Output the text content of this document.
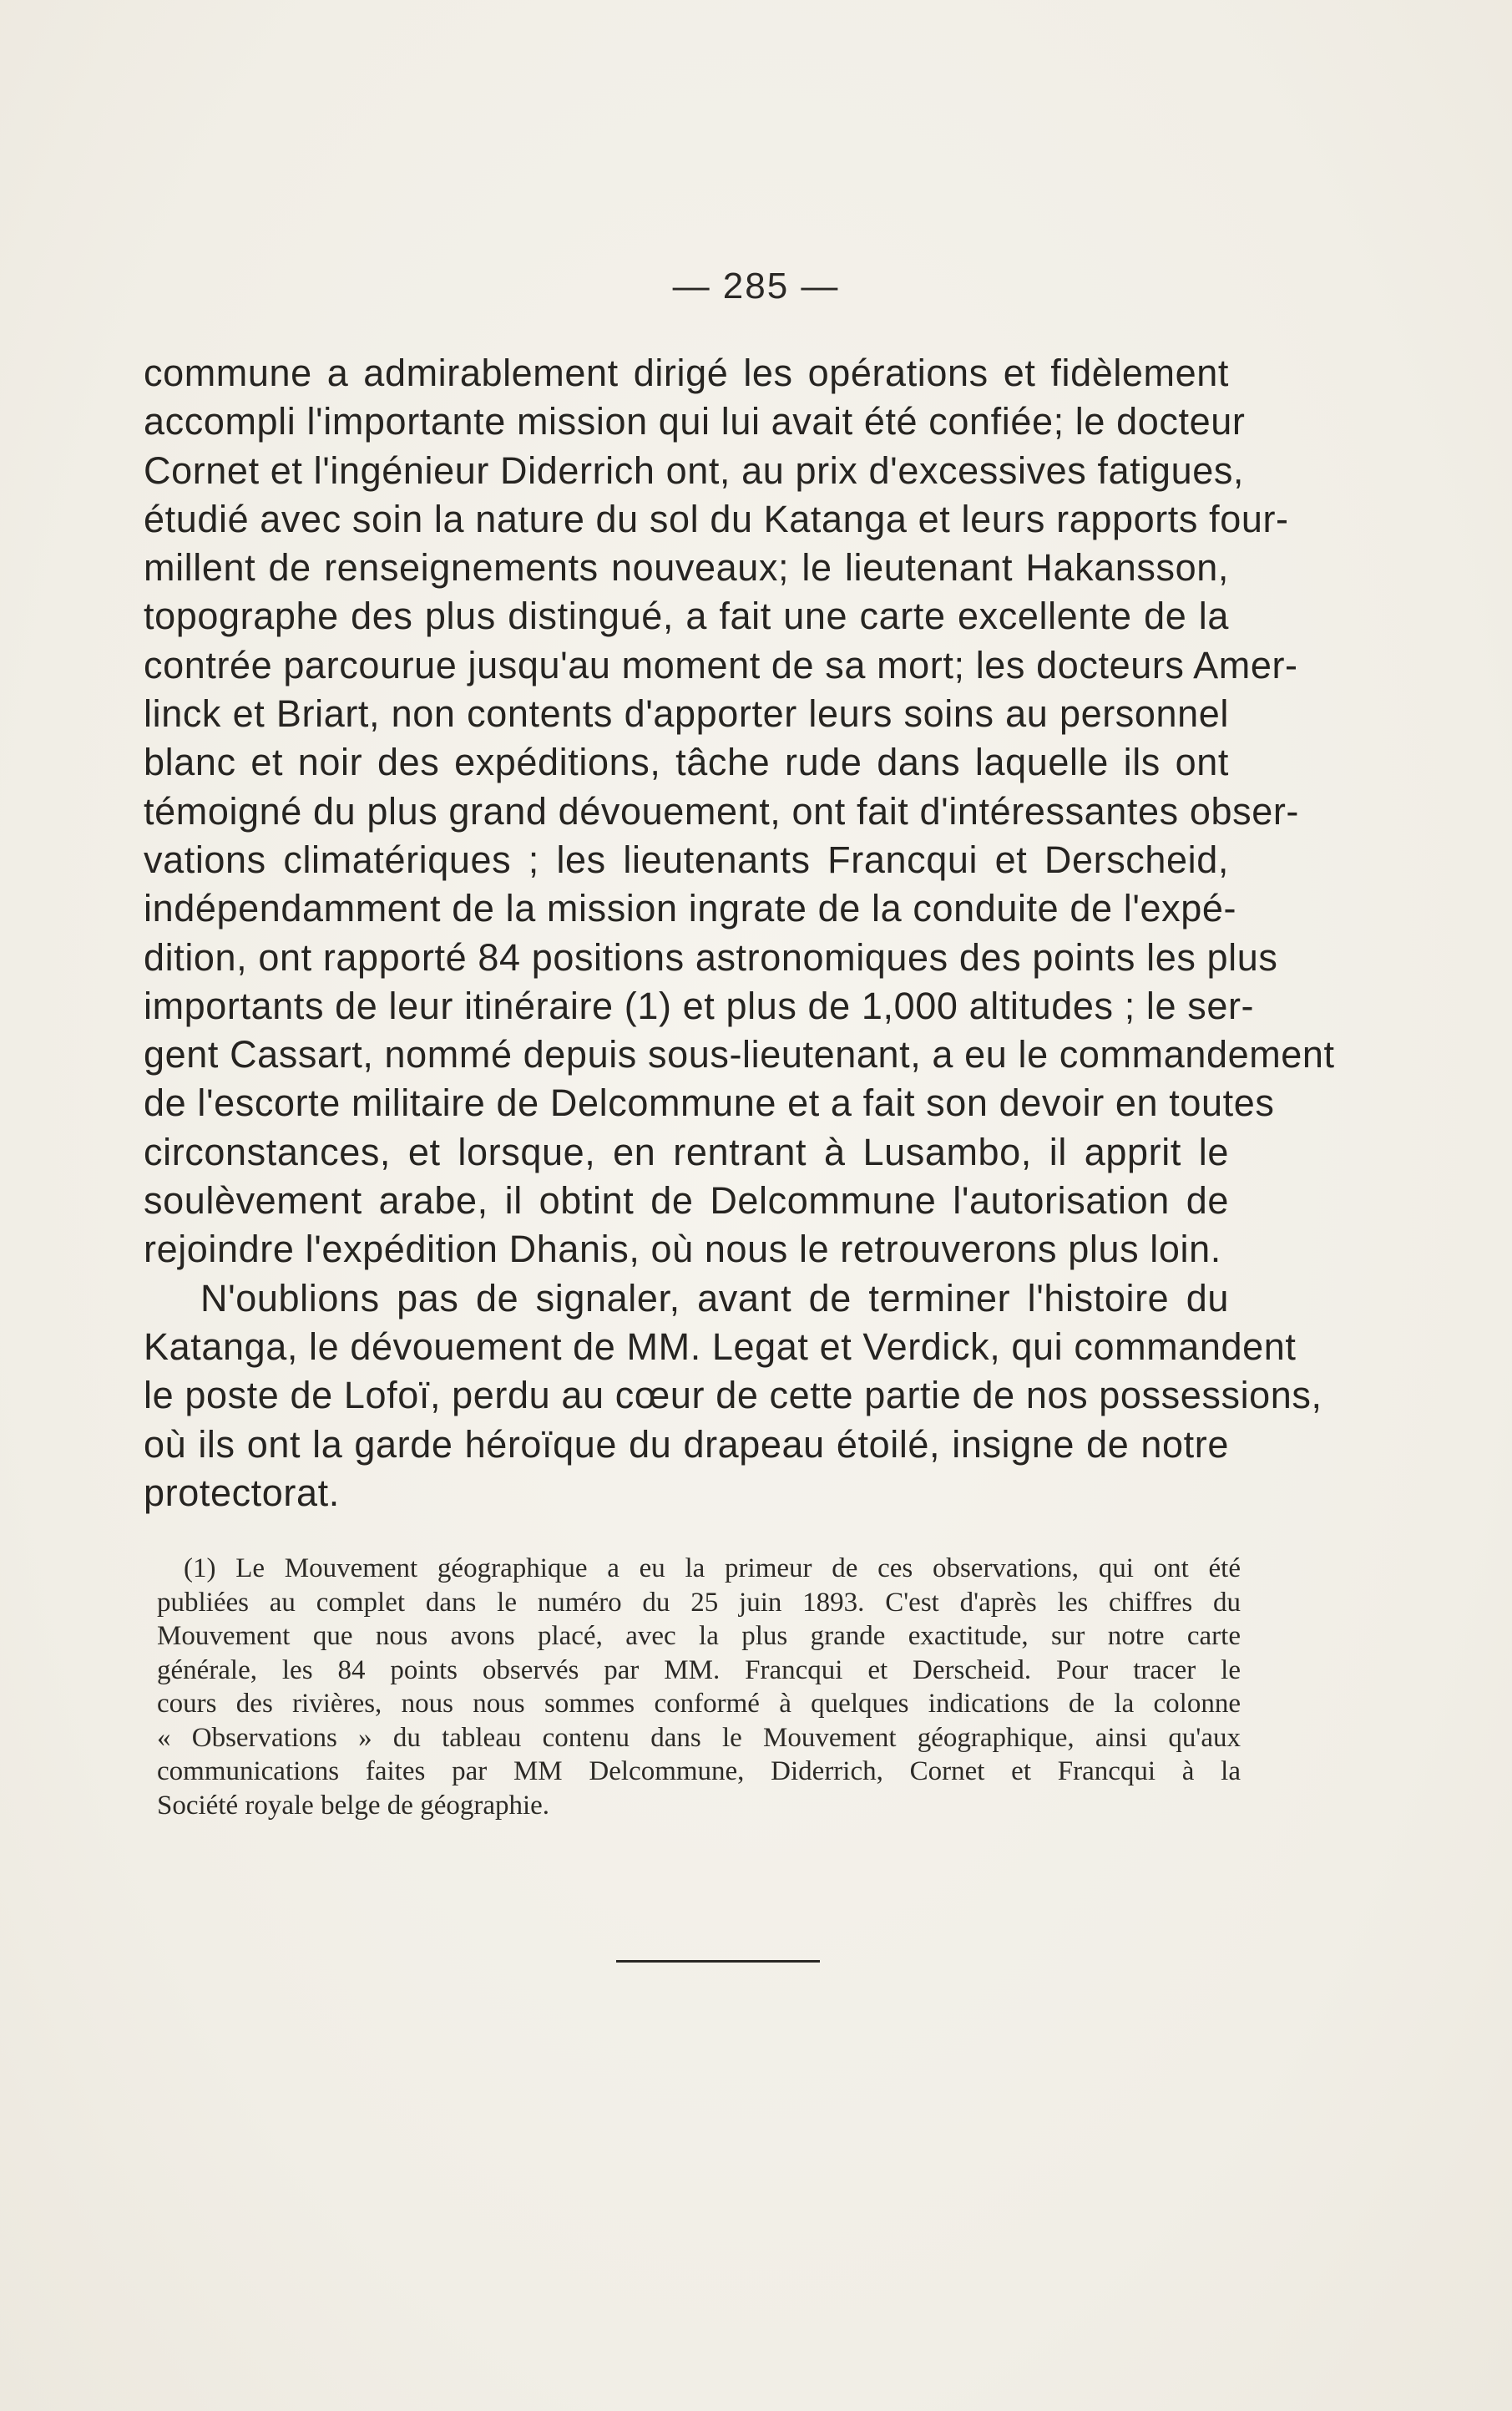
— 285 —
commune a admirablement dirigé les opérations et fidèlement
accompli l'importante mission qui lui avait été confiée; le docteur
Cornet et l'ingénieur Diderrich ont, au prix d'excessives fatigues,
étudié avec soin la nature du sol du Katanga et leurs rapports four-
millent de renseignements nouveaux; le lieutenant Hakansson,
topographe des plus distingué, a fait une carte excellente de la
contrée parcourue jusqu'au moment de sa mort; les docteurs Amer-
linck et Briart, non contents d'apporter leurs soins au personnel
blanc et noir des expéditions, tâche rude dans laquelle ils ont
témoigné du plus grand dévouement, ont fait d'intéressantes obser-
vations climatériques ; les lieutenants Francqui et Derscheid,
indépendamment de la mission ingrate de la conduite de l'expé-
dition, ont rapporté 84 positions astronomiques des points les plus
importants de leur itinéraire (1) et plus de 1,000 altitudes ; le ser-
gent Cassart, nommé depuis sous-lieutenant, a eu le commandement
de l'escorte militaire de Delcommune et a fait son devoir en toutes
circonstances, et lorsque, en rentrant à Lusambo, il apprit le
soulèvement arabe, il obtint de Delcommune l'autorisation de
rejoindre l'expédition Dhanis, où nous le retrouverons plus loin.
N'oublions pas de signaler, avant de terminer l'histoire du
Katanga, le dévouement de MM. Legat et Verdick, qui commandent
le poste de Lofoï, perdu au cœur de cette partie de nos possessions,
où ils ont la garde héroïque du drapeau étoilé, insigne de notre
protectorat.
(1) Le Mouvement géographique a eu la primeur de ces observations, qui ont été
publiées au complet dans le numéro du 25 juin 1893. C'est d'après les chiffres du
Mouvement que nous avons placé, avec la plus grande exactitude, sur notre carte
générale, les 84 points observés par MM. Francqui et Derscheid. Pour tracer le
cours des rivières, nous nous sommes conformé à quelques indications de la colonne
« Observations » du tableau contenu dans le Mouvement géographique, ainsi qu'aux
communications faites par MM Delcommune, Diderrich, Cornet et Francqui à la
Société royale belge de géographie.
